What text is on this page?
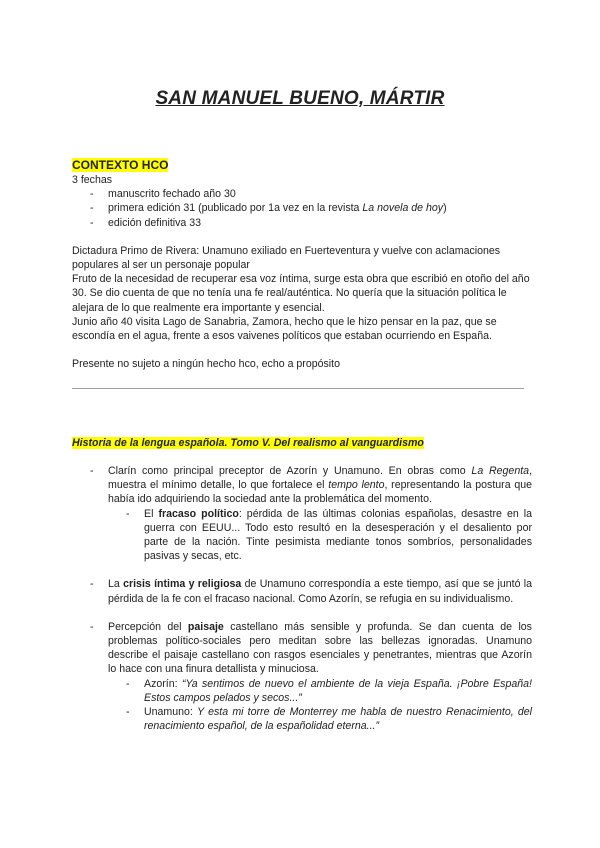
SAN MANUEL BUENO, MÁRTIR
CONTEXTO HCO

3 fechas

- manuscrito fechado año 30
- primera edición 31 (publicado por 1a vez en la revista La novela de hoy)
- edición definitiva 33

Dictadura Primo de Rivera: Unamuno exiliado en Fuerteventura y vuelve con aclamaciones populares al ser un personaje popular

Fruto de la necesidad de recuperar esa voz íntima, surge esta obra que escribió en otoño del año 30. Se dio cuenta de que no tenía una fe real/auténtica. No quería que la situación política le alejara de lo que realmente era importante y esencial.

Junio año 40 visita Lago de Sanabria, Zamora, hecho que le hizo pensar en la paz, que se escondía en el agua, frente a esos vaivenes políticos que estaban ocurriendo en España.

Presente no sujeto a ningún hecho hco, echo a propósito

Historia de la lengua española. Tomo V. Del realismo al vanguardismo
- Clarín como principal preceptor de Azorín y Unamuno. En obras como La Regenta, muestra el mínimo detalle, lo que fortalece el tempo lento, representando la postura que había ido adquiriendo la sociedad ante la problemática del momento.
- El fracaso político: pérdida de las últimas colonias españolas, desastre en la guerra con EEUU... Todo esto resultó en la desesperación y el desaliento por parte de la nación. Tinte pesimista mediante tonos sombríos, personalidades pasivas y secas, etc.
- La crisis íntima y religiosa de Unamuno correspondía a este tiempo, así que se juntó la pérdida de la fe con el fracaso nacional. Como Azorín, se refugia en su individualismo.
- Percepción del paisaje castellano más sensible y profunda. Se dan cuenta de los problemas político-sociales pero meditan sobre las bellezas ignoradas. Unamuno describe el paisaje castellano con rasgos esenciales y penetrantes, mientras que Azorín lo hace con una finura detallista y minuciosa.
- Azorín: “Ya sentimos de nuevo el ambiente de la vieja España. ¡Pobre España! Estos campos pelados y secos...”
- Unamuno: Y esta mi torre de Monterrey me habla de nuestro Renacimiento, del renacimiento español, de la españolidad eterna...”
